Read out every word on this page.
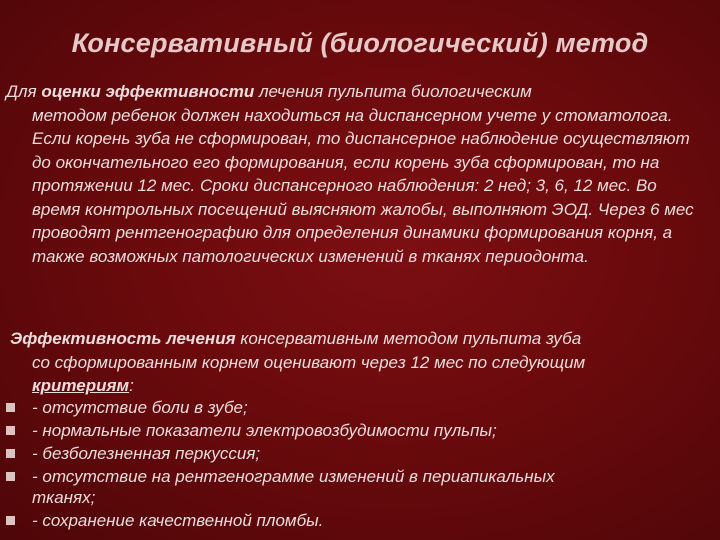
Консервативный (биологический) метод
Для оценки эффективности лечения пульпита биологическим
методом ребенок должен находиться на диспансерном учете у стоматолога. Если корень зуба не сформирован, то диспансерное наблюдение осуществляют до окончательного его формирования, если корень зуба сформирован, то на протяжении 12 мес. Сроки диспансерного наблюдения: 2 нед; 3, 6, 12 мес. Во время контрольных посещений выясняют жалобы, выполняют ЭОД. Через 6 мес проводят рентгенографию для определения динамики формирования корня, а также возможных патологических изменений в тканях периодонта.
Эффективность лечения консервативным методом пульпита зуба
со сформированным корнем оценивают через 12 мес по следующим
критериям:
- отсутствие боли в зубе;
- нормальные показатели электровозбудимости пульпы;
- безболезненная перкуссия;
- отсутствие на рентгенограмме изменений в периапикальных
тканях;
- сохранение качественной пломбы.
